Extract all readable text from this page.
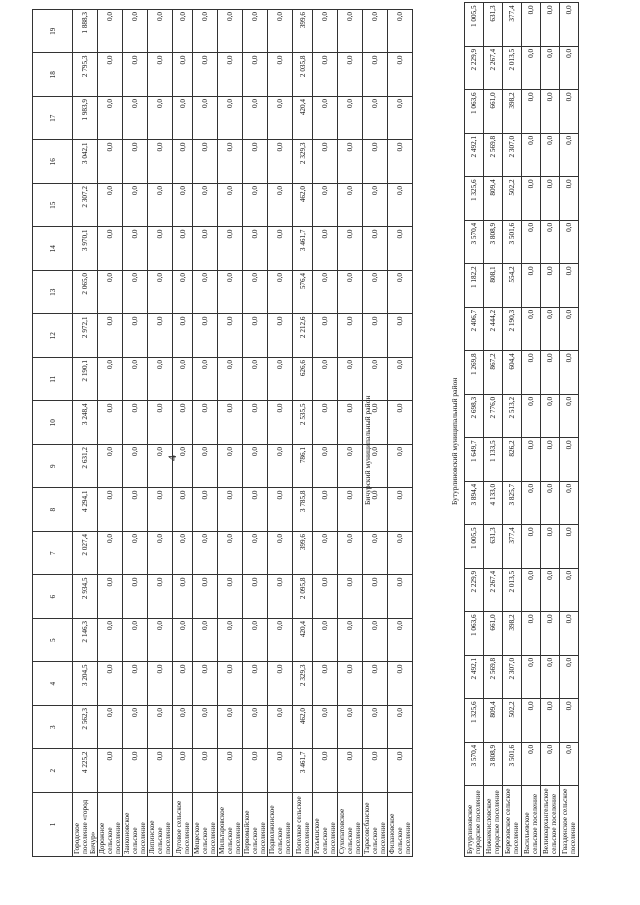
4
1	2	3	4	5	6	7	8	9	10	11	12	13	14	15	16	17	18	19
Городское поселение «город Бичур»	4 225,2	2 562,3	3 204,5	2 146,3	2 934,5	2 027,4	4 294,1	2 631,2	3 248,4	2 190,1	2 972,1	2 065,0	3 970,1	2 307,2	3 042,1	1 983,9	2 795,3	1 888,3
Дорожное сельское поселение	0,0	0,0	0,0	0,0	0,0	0,0	0,0	0,0	0,0	0,0	0,0	0,0	0,0	0,0	0,0	0,0	0,0	0,0
Заиконовское сельское поселение	0,0	0,0	0,0	0,0	0,0	0,0	0,0	0,0	0,0	0,0	0,0	0,0	0,0	0,0	0,0	0,0	0,0	0,0
Липинское сельское поселение	0,0	0,0	0,0	0,0	0,0	0,0	0,0	0,0	0,0	0,0	0,0	0,0	0,0	0,0	0,0	0,0	0,0	0,0
Луговое сельское поселение	0,0	0,0	0,0	0,0	0,0	0,0	0,0	0,0	0,0	0,0	0,0	0,0	0,0	0,0	0,0	0,0	0,0	0,0
Мещеское сельское поселение	0,0	0,0	0,0	0,0	0,0	0,0	0,0	0,0	0,0	0,0	0,0	0,0	0,0	0,0	0,0	0,0	0,0	0,0
Мильтаровское сельское поселение	0,0	0,0	0,0	0,0	0,0	0,0	0,0	0,0	0,0	0,0	0,0	0,0	0,0	0,0	0,0	0,0	0,0	0,0
Первомайское сельское поселение	0,0	0,0	0,0	0,0	0,0	0,0	0,0	0,0	0,0	0,0	0,0	0,0	0,0	0,0	0,0	0,0	0,0	0,0
Подволжинское сельское поселение	0,0	0,0	0,0	0,0	0,0	0,0	0,0	0,0	0,0	0,0	0,0	0,0	0,0	0,0	0,0	0,0	0,0	0,0
Попелкое сельское поселение	3 461,7	462,0	2 329,3	420,4	2 095,8	399,6	3 785,8	786,1	2 535,5	626,6	2 212,6	576,4	3 461,7	462,0	2 329,3	420,4	2 035,8	399,6
Разъешское сельское поселение	0,0	0,0	0,0	0,0	0,0	0,0	0,0	0,0	0,0	0,0	0,0	0,0	0,0	0,0	0,0	0,0	0,0	0,0
Сухопатовское сельское поселение	0,0	0,0	0,0	0,0	0,0	0,0	0,0	0,0	0,0	0,0	0,0	0,0	0,0	0,0	0,0	0,0	0,0	0,0
Тарасовсбанское сельское поселение	0,0	0,0	0,0	0,0	0,0	0,0	0,0	0,0	0,0	0,0	0,0	0,0	0,0	0,0	0,0	0,0	0,0	0,0
Филановское сельское поселение	0,0	0,0	0,0	0,0	0,0	0,0	0,0	0,0	0,0	0,0	0,0	0,0	0,0	0,0	0,0	0,0	0,0	0,0
Бичурский муниципальный район	Бутурлиновский муниципальный район
Бутурлиновское городское поселение	3 570,4	1 325,6	2 492,1	1 063,6	2 229,9	1 005,5	3 894,4	1 649,7	2 698,3	1 269,8	2 406,7	1 182,2	3 570,4	1 325,6	2 492,1	1 063,6	2 229,9	1 005,5
Нижнекисловское городское поселение	3 808,9	809,4	2 569,8	661,0	2 267,4	631,3	4 133,0	1 133,5	2 776,0	867,2	2 444,2	808,1	3 808,9	809,4	2 569,8	661,0	2 267,4	631,3
Березовское сельское поселение	3 501,6	502,2	2 307,0	398,2	2 013,5	377,4	3 825,7	826,2	2 513,2	604,4	2 190,3	554,2	3 501,6	502,2	2 307,0	398,2	2 013,5	377,4
Васильевское сельское поселение	0,0	0,0	0,0	0,0	0,0	0,0	0,0	0,0	0,0	0,0	0,0	0,0	0,0	0,0	0,0	0,0	0,0	0,0
Великоархангельское сельское поселение	0,0	0,0	0,0	0,0	0,0	0,0	0,0	0,0	0,0	0,0	0,0	0,0	0,0	0,0	0,0	0,0	0,0	0,0
Гвазденское сельское поселение	0,0	0,0	0,0	0,0	0,0	0,0	0,0	0,0	0,0	0,0	0,0	0,0	0,0	0,0	0,0	0,0	0,0	0,0
